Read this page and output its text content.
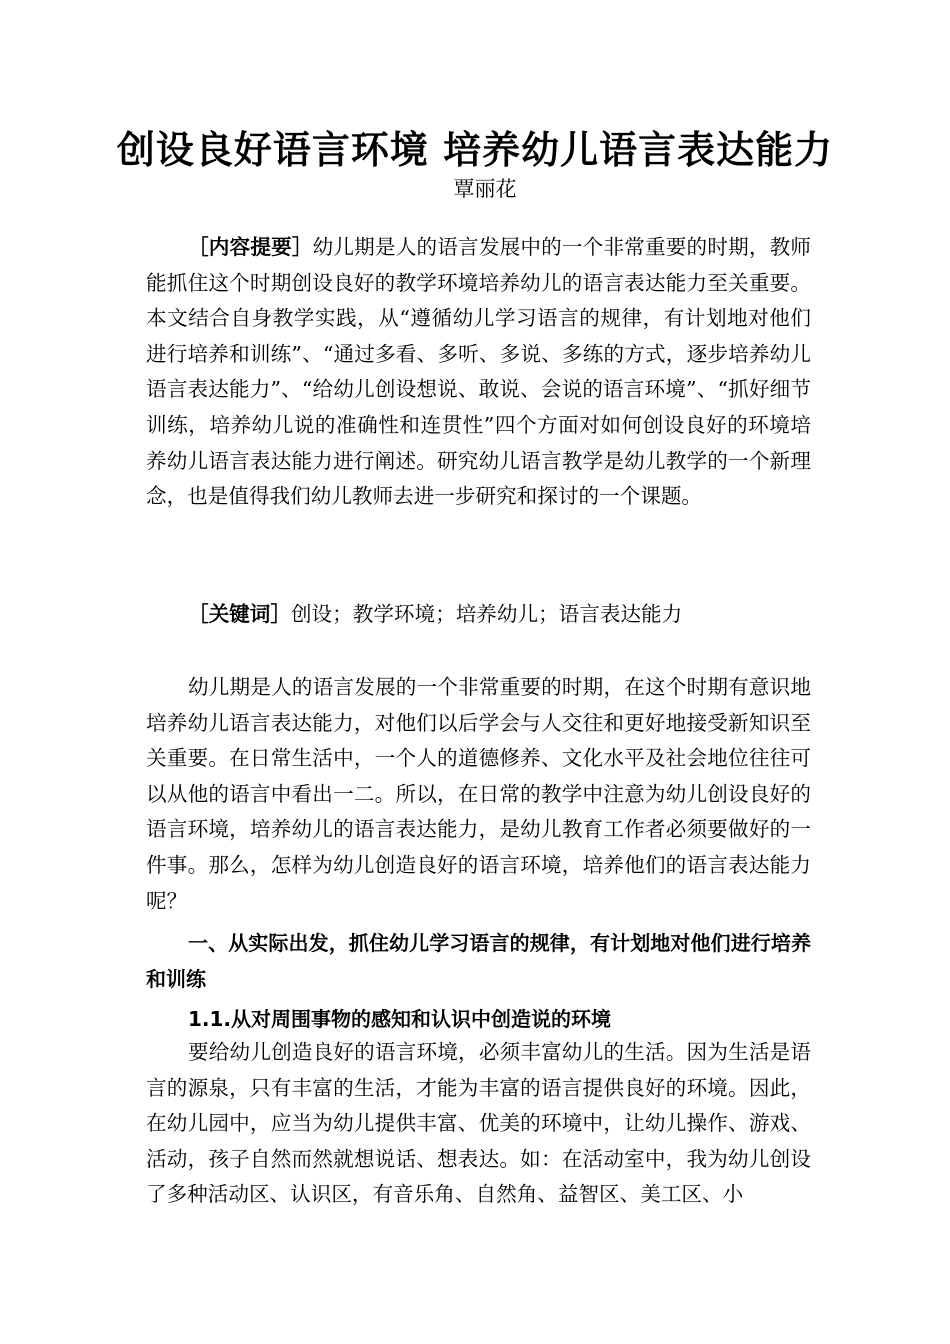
创设良好语言环境 培养幼儿语言表达能力

覃丽花

［内容提要］幼儿期是人的语言发展中的一个非常重要的时期，教师能抓住这个时期创设良好的教学环境培养幼儿的语言表达能力至关重要。本文结合自身教学实践，从“遵循幼儿学习语言的规律，有计划地对他们进行培养和训练”、“通过多看、多听、多说、多练的方式，逐步培养幼儿语言表达能力”、“给幼儿创设想说、敢说、会说的语言环境”、“抓好细节训练，培养幼儿说的准确性和连贯性”四个方面对如何创设良好的环境培养幼儿语言表达能力进行阐述。研究幼儿语言教学是幼儿教学的一个新理念，也是值得我们幼儿教师去进一步研究和探讨的一个课题。

［关键词］创设；教学环境；培养幼儿；语言表达能力

幼儿期是人的语言发展的一个非常重要的时期，在这个时期有意识地培养幼儿语言表达能力，对他们以后学会与人交往和更好地接受新知识至关重要。在日常生活中，一个人的道德修养、文化水平及社会地位往往可以从他的语言中看出一二。所以，在日常的教学中注意为幼儿创设良好的语言环境，培养幼儿的语言表达能力，是幼儿教育工作者必须要做好的一件事。那么，怎样为幼儿创造良好的语言环境，培养他们的语言表达能力呢？

一、从实际出发，抓住幼儿学习语言的规律，有计划地对他们进行培养和训练

1.1.从对周围事物的感知和认识中创造说的环境

要给幼儿创造良好的语言环境，必须丰富幼儿的生活。因为生活是语言的源泉，只有丰富的生活，才能为丰富的语言提供良好的环境。因此，在幼儿园中，应当为幼儿提供丰富、优美的环境中，让幼儿操作、游戏、活动，孩子自然而然就想说话、想表达。如：在活动室中，我为幼儿创设了多种活动区、认识区，有音乐角、自然角、益智区、美工区、小
